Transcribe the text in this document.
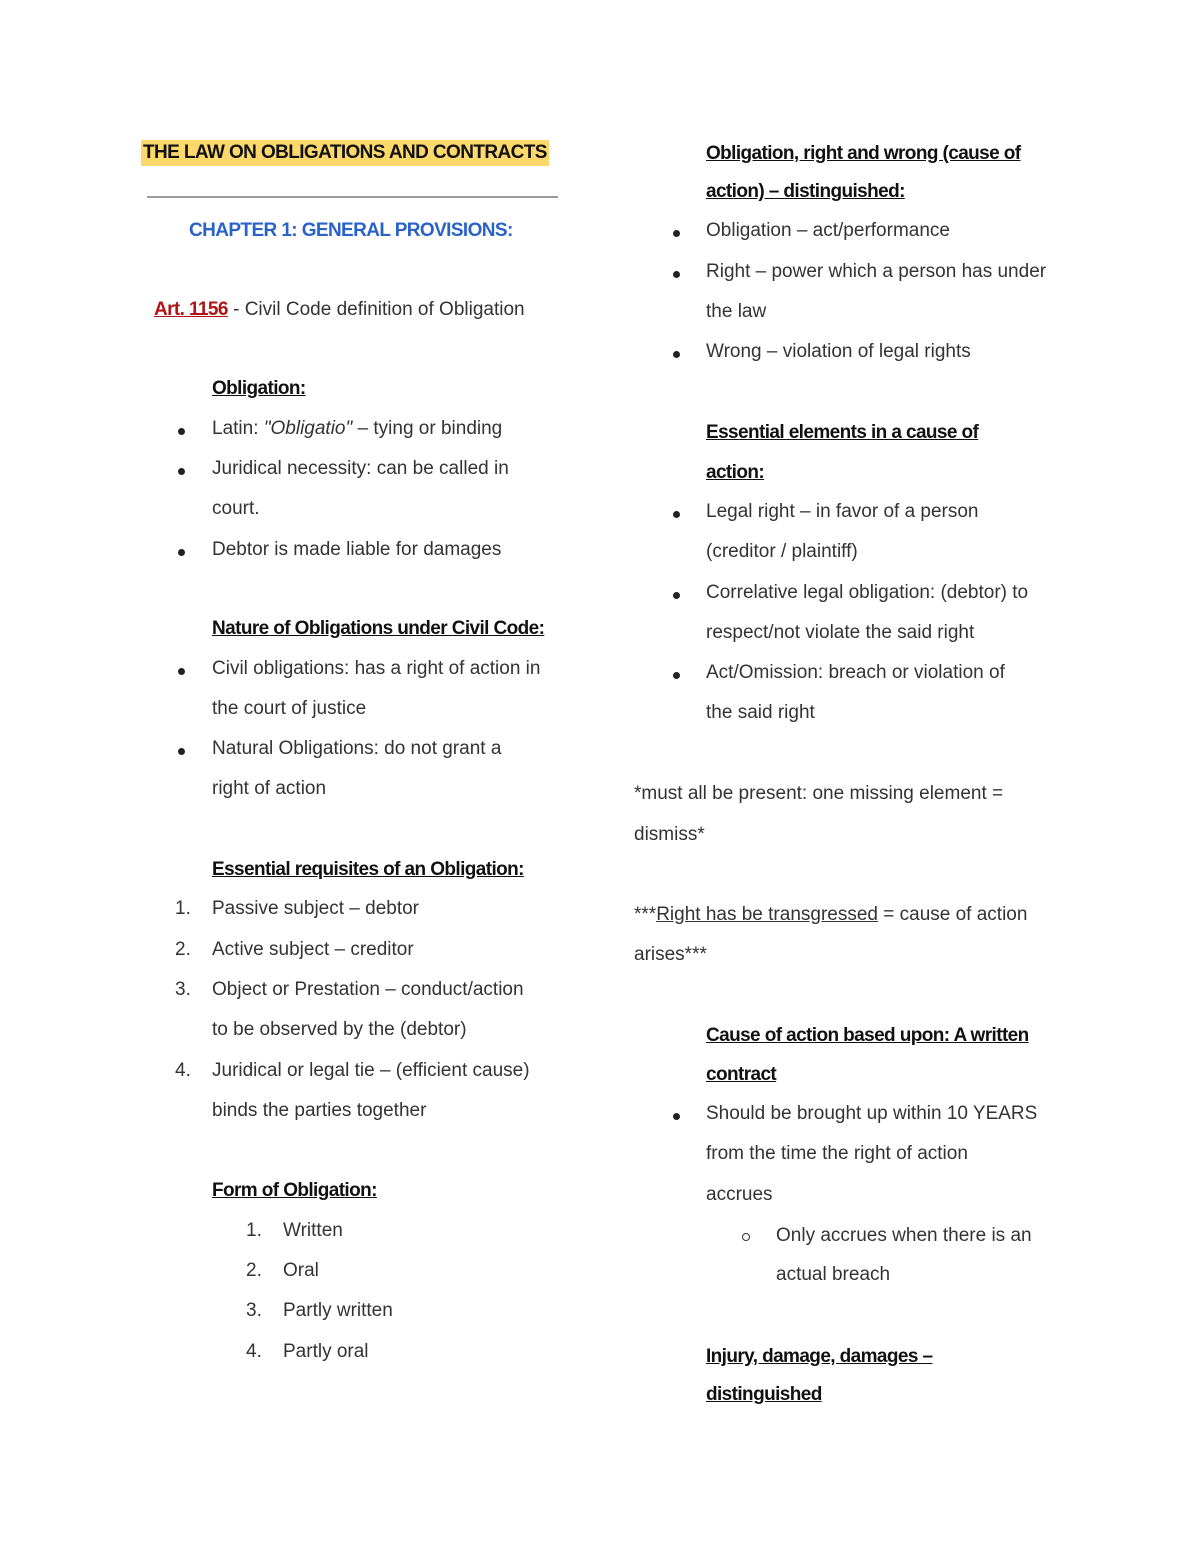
THE LAW ON OBLIGATIONS AND CONTRACTS
CHAPTER 1: GENERAL PROVISIONS:
Art. 1156 - Civil Code definition of Obligation
Obligation:
Latin: "Obligatio" – tying or binding
Juridical necessity: can be called in
court.
Debtor is made liable for damages
Nature of Obligations under Civil Code:
Civil obligations: has a right of action in
the court of justice
Natural Obligations: do not grant a
right of action
Essential requisites of an Obligation:
1. Passive subject – debtor
2. Active subject – creditor
3. Object or Prestation – conduct/action
to be observed by the (debtor)
4. Juridical or legal tie – (efficient cause)
binds the parties together
Form of Obligation:
1. Written
2. Oral
3. Partly written
4. Partly oral
Obligation, right and wrong (cause of
action) – distinguished:
Obligation – act/performance
Right – power which a person has under
the law
Wrong – violation of legal rights
Essential elements in a cause of
action:
Legal right – in favor of a person
(creditor / plaintiff)
Correlative legal obligation: (debtor) to
respect/not violate the said right
Act/Omission: breach or violation of
the said right
*must all be present: one missing element =
dismiss*
***Right has be transgressed = cause of action
arises***
Cause of action based upon: A written
contract
Should be brought up within 10 YEARS
from the time the right of action
accrues
Only accrues when there is an
actual breach
Injury, damage, damages –
distinguished
